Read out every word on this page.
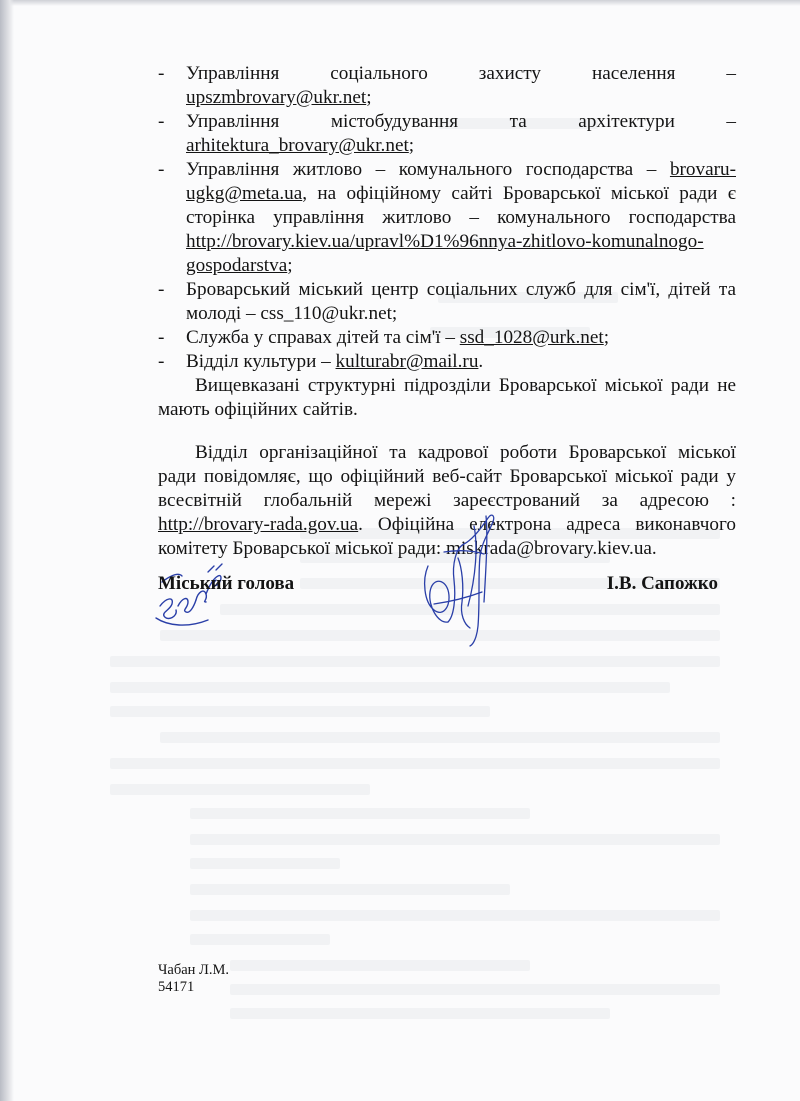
- Управління соціального захисту населення – upszmbrovary@ukr.net;
- Управління містобудування та архітектури –
arhitektura_brovary@ukr.net;
- Управління житлово – комунального господарства – brovaru-ugkg@meta.ua, на офіційному сайті Броварської міської ради є сторінка управління житлово – комунального господарства http://brovary.kiev.ua/upravl%D1%96nnya-zhitlovo-komunalnogo-gospodarstva;
- Броварський міський центр соціальних служб для сім'ї, дітей та молоді – css_110@ukr.net;
- Служба у справах дітей та сім'ї – ssd_1028@urk.net;
- Відділ культури – kulturabr@mail.ru.

Вищевказані структурні підрозділи Броварської міської ради не мають офіційних сайтів.

Відділ організаційної та кадрової роботи Броварської міської ради повідомляє, що офіційний веб-сайт Броварської міської ради у всесвітній глобальній мережі зареєстрований за адресою : http://brovary-rada.gov.ua. Офіційна електрона адреса виконавчого комітету Броварської міської ради: miskrada@brovary.kiev.ua.

Міський голова	І.В. Сапожко
Чабан Л.М.
54171
